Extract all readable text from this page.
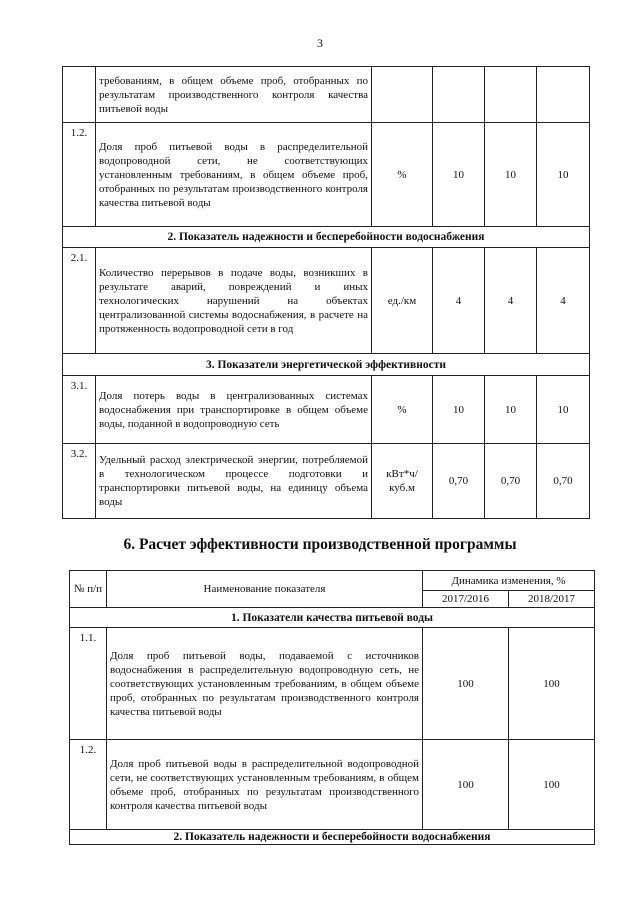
3
	требованиям, в общем объеме проб, отобранных по результатам производственного контроля качества питьевой воды				
1.2.	Доля проб питьевой воды в распределительной водопроводной сети, не соответствующих установленным требованиям, в общем объеме проб, отобранных по результатам производственного контроля качества питьевой воды	%	10	10	10
2. Показатель надежности и бесперебойности водоснабжения					
2.1.	Количество перерывов в подаче воды, возникших в результате аварий, повреждений и иных технологических нарушений на объектах централизованной системы водоснабжения, в расчете на протяженность водопроводной сети в год	ед./км	4	4	4
3. Показатели энергетической эффективности					
3.1.	Доля потерь воды в централизованных системах водоснабжения при транспортировке в общем объеме воды, поданной в водопроводную сеть	%	10	10	10
3.2.	Удельный расход электрической энергии, потребляемой в технологическом процессе подготовки и транспортировки питьевой воды, на единицу объема воды	кВт*ч/ куб.м	0,70	0,70	0,70
6. Расчет эффективности производственной программы
№ п/п	Наименование показателя	Динамика изменения, %	
		2017/2016	2018/2017
1. Показатели качества питьевой воды			
1.1.	Доля проб питьевой воды, подаваемой с источников водоснабжения в распределительную водопроводную сеть, не соответствующих установленным требованиям, в общем объеме проб, отобранных по результатам производственного контроля качества питьевой воды	100	100
1.2.	Доля проб питьевой воды в распределительной водопроводной сети, не соответствующих установленным требованиям, в общем объеме проб, отобранных по результатам производственного контроля качества питьевой воды	100	100
2. Показатель надежности и бесперебойности водоснабжения			
